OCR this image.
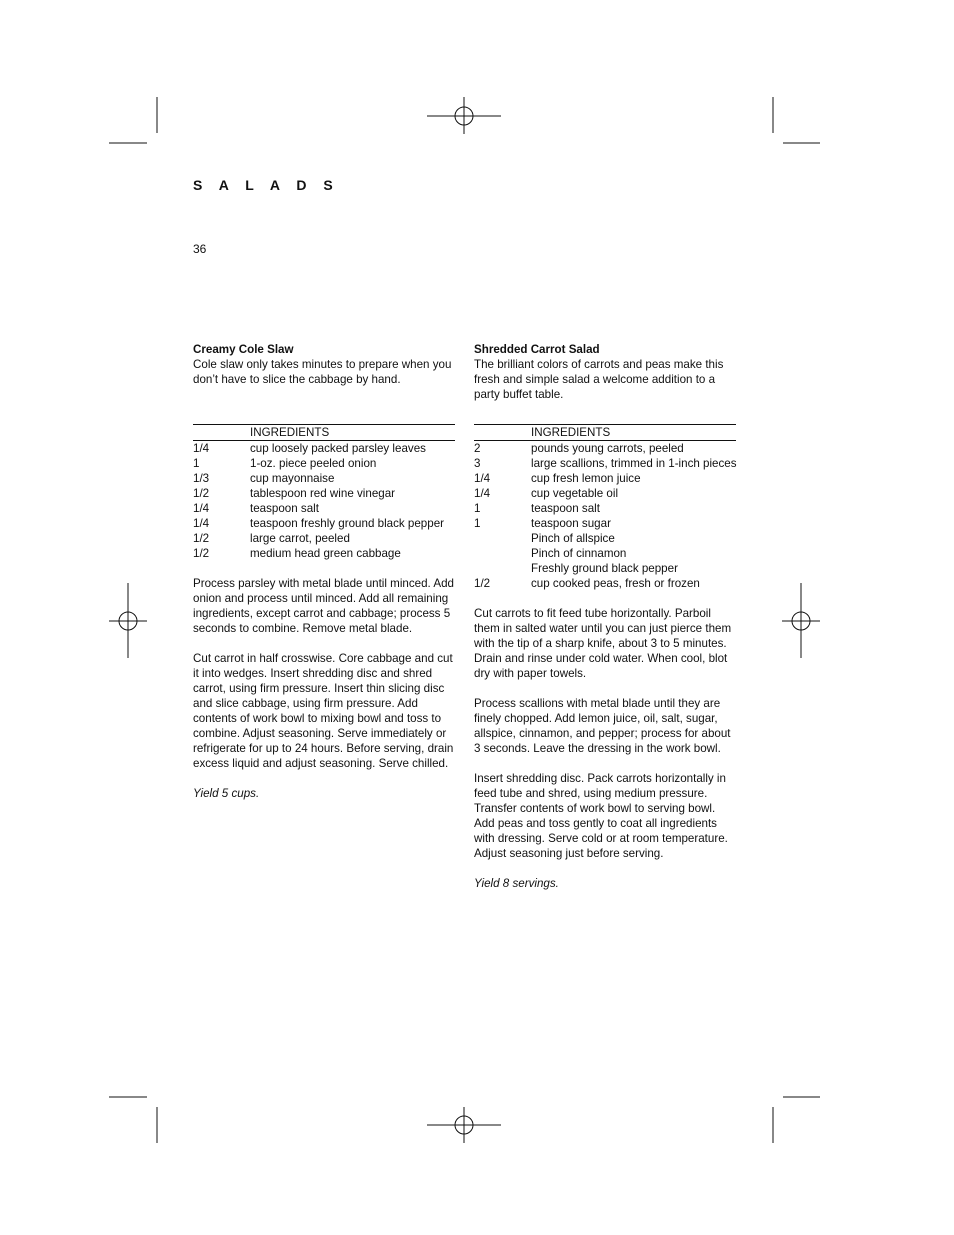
S A L A D S
36
Creamy Cole Slaw

Cole slaw only takes minutes to prepare when you don’t have to slice the cabbage by hand.

INGREDIENTS
1/4	cup loosely packed parsley leaves
1	1-oz. piece peeled onion
1/3	cup mayonnaise
1/2	tablespoon red wine vinegar
1/4	teaspoon salt
1/4	teaspoon freshly ground black pepper
1/2	large carrot, peeled
1/2	medium head green cabbage

Process parsley with metal blade until minced. Add onion and process until minced. Add all remaining ingredients, except carrot and cabbage; process 5 seconds to combine. Remove metal blade.

Cut carrot in half crosswise. Core cabbage and cut it into wedges. Insert shredding disc and shred carrot, using firm pressure. Insert thin slicing disc and slice cabbage, using firm pressure. Add contents of work bowl to mixing bowl and toss to combine. Adjust seasoning. Serve immediately or refrigerate for up to 24 hours. Before serving, drain excess liquid and adjust seasoning. Serve chilled.

Yield 5 cups.

Shredded Carrot Salad

The brilliant colors of carrots and peas make this fresh and simple salad a welcome addition to a party buffet table.

INGREDIENTS
2	pounds young carrots, peeled
3	large scallions, trimmed in 1-inch pieces
1/4	cup fresh lemon juice
1/4	cup vegetable oil
1	teaspoon salt
1	teaspoon sugar
Pinch of allspice
Pinch of cinnamon
Freshly ground black pepper
1/2	cup cooked peas, fresh or frozen

Cut carrots to fit feed tube horizontally. Parboil them in salted water until you can just pierce them with the tip of a sharp knife, about 3 to 5 minutes. Drain and rinse under cold water. When cool, blot dry with paper towels.

Process scallions with metal blade until they are finely chopped. Add lemon juice, oil, salt, sugar, allspice, cinnamon, and pepper; process for about 3 seconds. Leave the dressing in the work bowl.

Insert shredding disc. Pack carrots horizontally in feed tube and shred, using medium pressure. Transfer contents of work bowl to serving bowl. Add peas and toss gently to coat all ingredients with dressing. Serve cold or at room temperature. Adjust seasoning just before serving.

Yield 8 servings.
